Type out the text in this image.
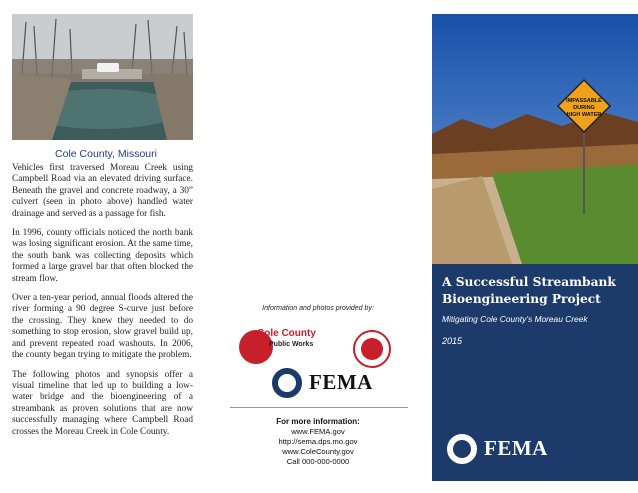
Cole County, Missouri

Vehicles first traversed Moreau Creek using Campbell Road via an elevated driving surface. Beneath the gravel and concrete roadway, a 30” culvert (seen in photo above) handled water drainage and served as a passage for fish.

In 1996, county officials noticed the north bank was losing significant erosion. At the same time, the south bank was collecting deposits which formed a large gravel bar that often blocked the stream flow.

Over a ten-year period, annual floods altered the river forming a 90 degree S-curve just before the crossing. They knew they needed to do something to stop erosion, slow gravel build up, and prevent repeated road washouts. In 2006, the county began trying to mitigate the problem.

The following photos and synopsis offer a visual timeline that led up to building a low-water bridge and the bioengineering of a streambank as proven solutions that are now successfully managing where Campbell Road crosses the Moreau Creek in Cole County.

Information and photos provided by:
Cole County
Public Works
FEMA
For more information:
www.FEMA.gov
http://sema.dps.mo.gov
www.ColeCounty.gov
Call 000-000-0000
IMPASSABLE
DURING
HIGH WATER
A Successful Streambank Bioengineering Project
Mitigating Cole County’s Moreau Creek
2015
FEMA
